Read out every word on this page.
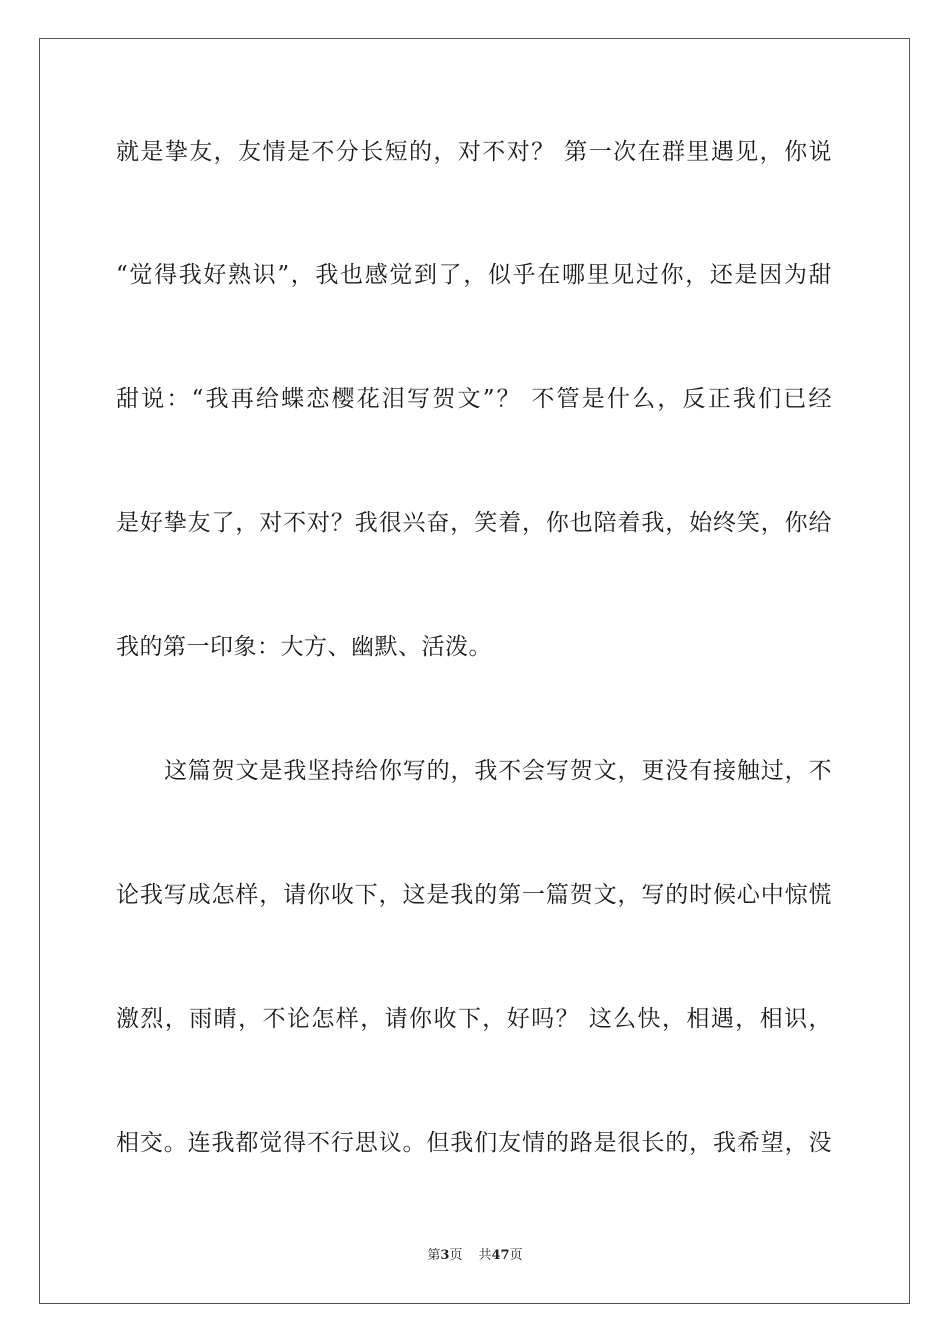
就是挚友，友情是不分长短的，对不对？ 第一次在群里遇见，你说
“觉得我好熟识”，我也感觉到了，似乎在哪里见过你，还是因为甜
甜说：“我再给蝶恋樱花泪写贺文”？ 不管是什么，反正我们已经
是好挚友了，对不对？我很兴奋，笑着，你也陪着我，始终笑，你给
我的第一印象：大方、幽默、活泼。
这篇贺文是我坚持给你写的，我不会写贺文，更没有接触过，不
论我写成怎样，请你收下，这是我的第一篇贺文，写的时候心中惊慌
激烈，雨晴，不论怎样，请你收下，好吗？ 这么快，相遇，相识，
相交。连我都觉得不行思议。但我们友情的路是很长的，我希望，没
第3页 共47页
